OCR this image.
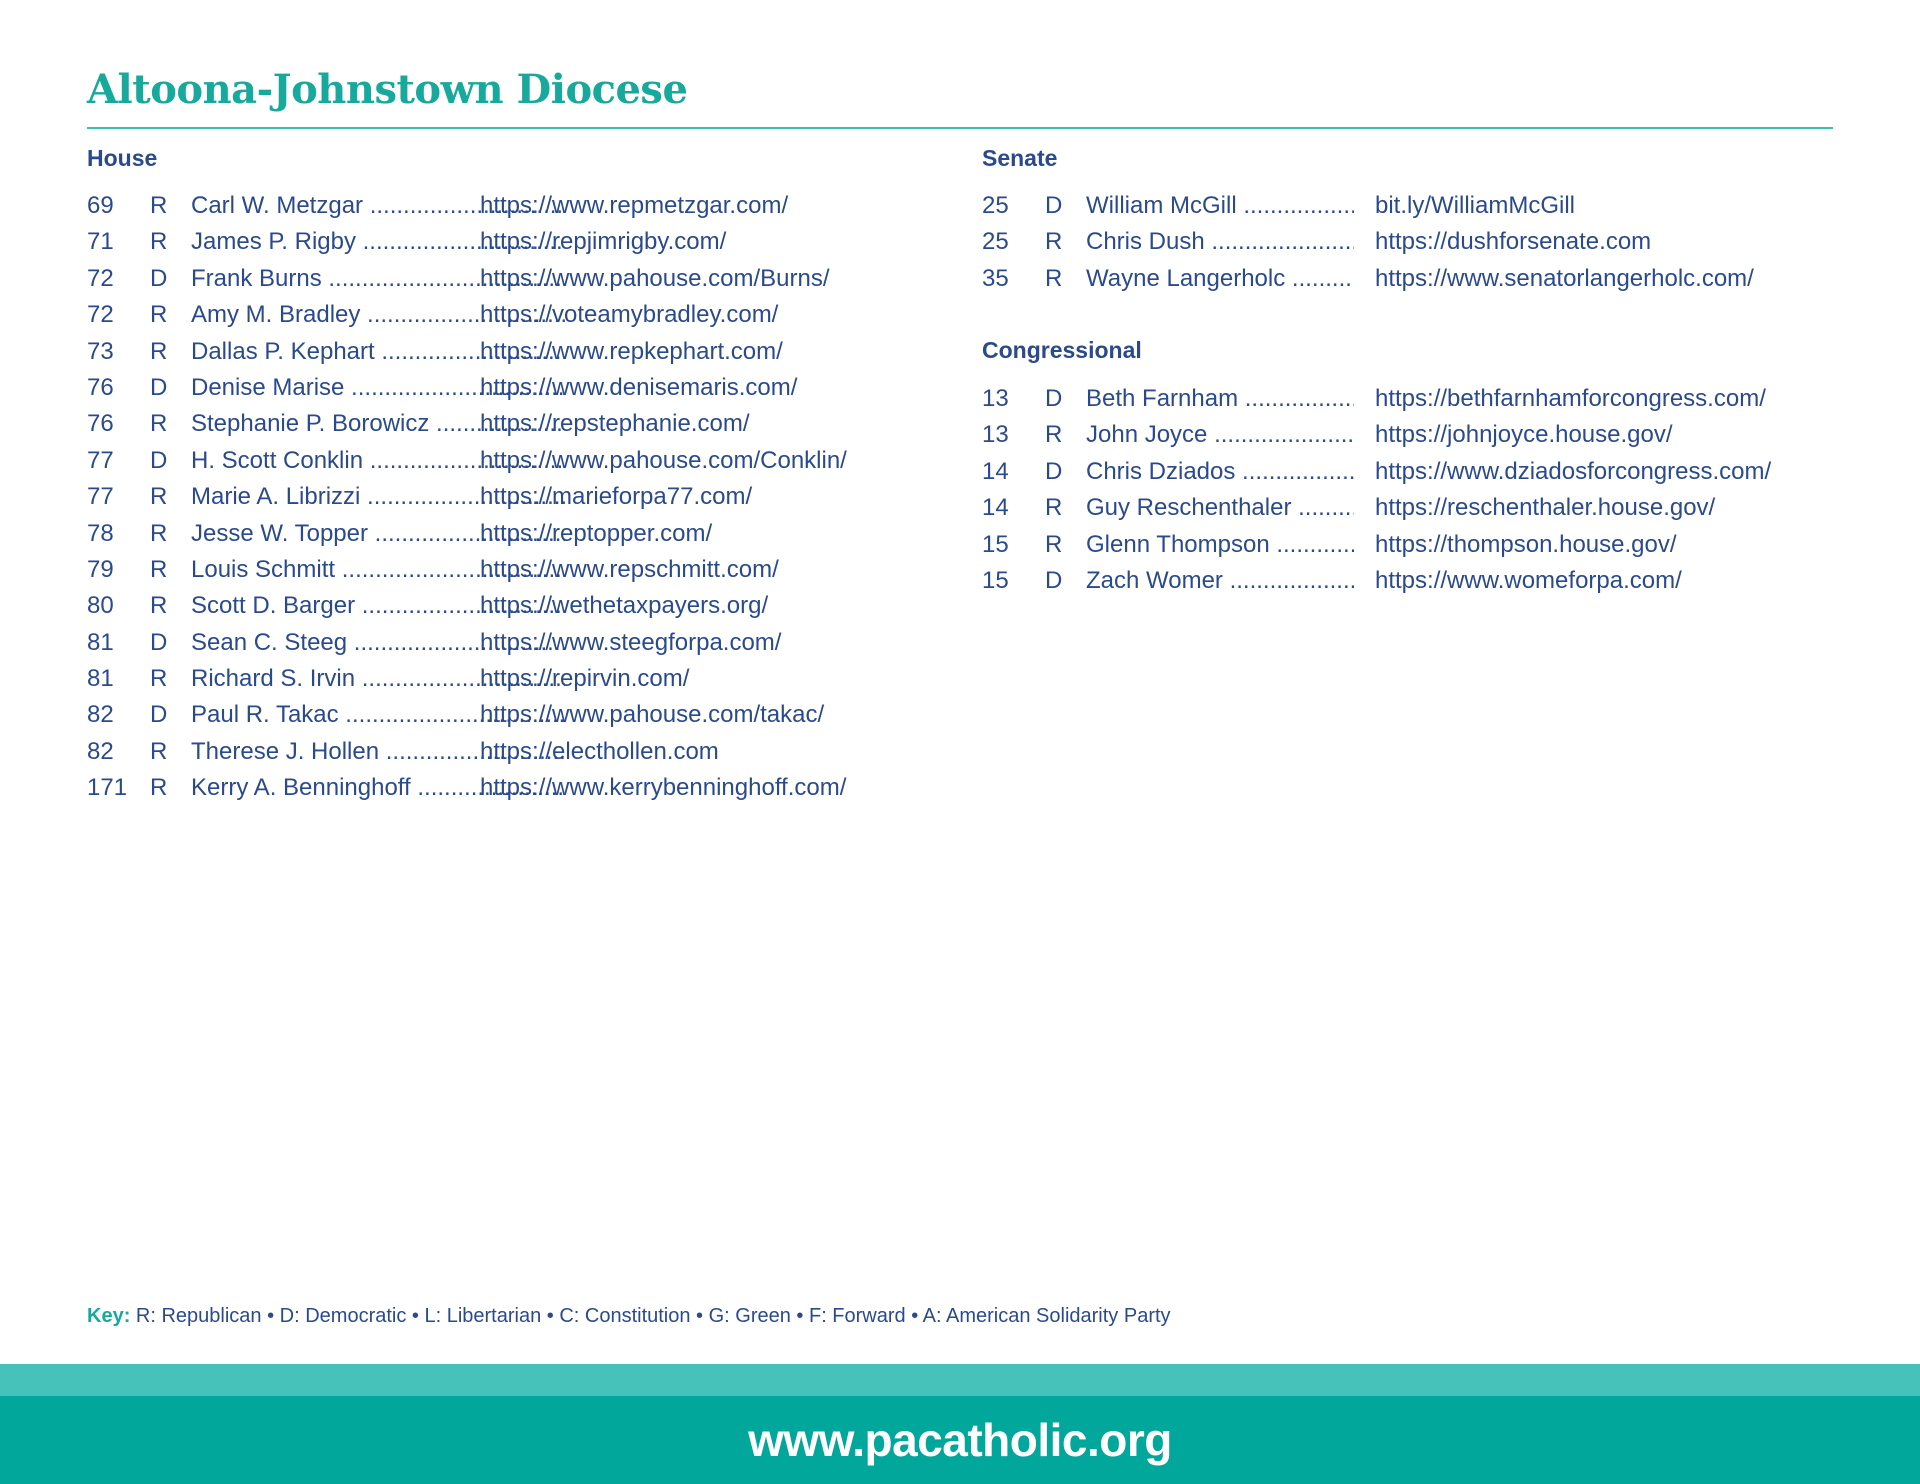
Altoona-Johnstown Diocese
House
69 R Carl W. Metzgar .....	https://www.repmetzgar.com/
71 R James P. Rigby .....	https://repjimrigby.com/
72 D Frank Burns .....	https://www.pahouse.com/Burns/
72 R Amy M. Bradley .....	https://voteamybradley.com/
73 R Dallas P. Kephart .....	https://www.repkephart.com/
76 D Denise Marise .....	https://www.denisemaris.com/
76 R Stephanie P. Borowicz .....	https://repstephanie.com/
77 D H. Scott Conklin .....	https://www.pahouse.com/Conklin/
77 R Marie A. Librizzi .....	https://marieforpa77.com/
78 R Jesse W. Topper .....	https://reptopper.com/
79 R Louis Schmitt .....	https://www.repschmitt.com/
80 R Scott D. Barger .....	https://wethetaxpayers.org/
81 D Sean C. Steeg .....	https://www.steegforpa.com/
81 R Richard S. Irvin .....	https://repirvin.com/
82 D Paul R. Takac .....	https://www.pahouse.com/takac/
82 R Therese J. Hollen .....	https://electhollen.com
171 R Kerry A. Benninghoff .....	https://www.kerrybenninghoff.com/
Senate
25 D William McGill .....	bit.ly/WilliamMcGill
25 R Chris Dush .....	https://dushforsenate.com
35 R Wayne Langerholc .....	https://www.senatorlangerholc.com/
Congressional
13 D Beth Farnham .....	https://bethfarnhamforcongress.com/
13 R John Joyce .....	https://johnjoyce.house.gov/
14 D Chris Dziados .....	https://www.dziadosforcongress.com/
14 R Guy Reschenthaler .....	https://reschenthaler.house.gov/
15 R Glenn Thompson .....	https://thompson.house.gov/
15 D Zach Womer .....	https://www.womeforpa.com/
Key: R: Republican • D: Democratic • L: Libertarian • C: Constitution • G: Green • F: Forward • A: American Solidarity Party
www.pacatholic.org
